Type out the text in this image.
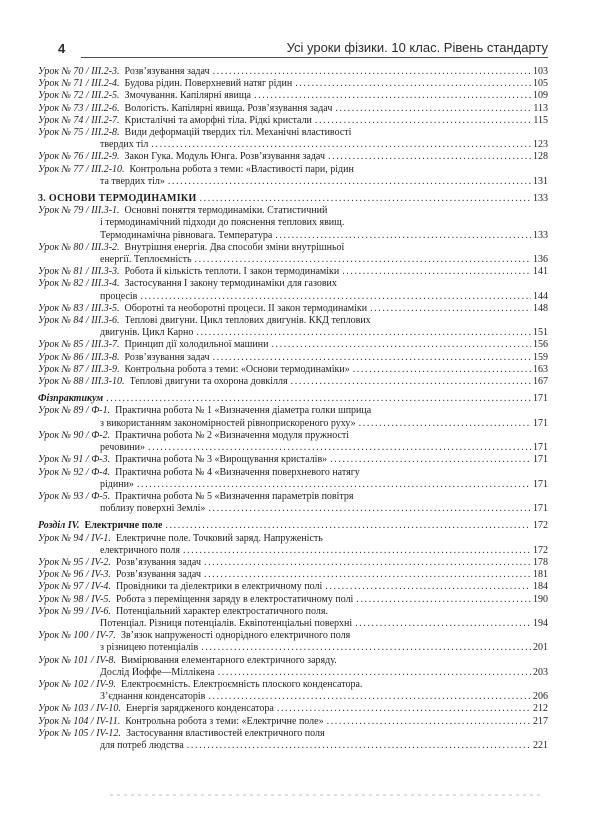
4	Усі уроки фізики. 10 клас. Рівень стандарту
Урок № 70 / ІІІ.2-3. Розв’язування задач .....	103
Урок № 71 / ІІІ.2-4. Будова рідин. Поверхневий натяг рідин .....	105
Урок № 72 / ІІІ.2-5. Змочування. Капілярні явища .....	109
Урок № 73 / ІІІ.2-6. Вологість. Капілярні явища. Розв’язування задач .....	113
Урок № 74 / ІІІ.2-7. Кристалічні та аморфні тіла. Рідкі кристали .....	115
Урок № 75 / ІІІ.2-8. Види деформацій твердих тіл. Механічні властивості
твердих тіл .....	123
Урок № 76 / ІІІ.2-9. Закон Гука. Модуль Юнга. Розв’язування задач .....	128
Урок № 77 / ІІІ.2-10. Контрольна робота з теми: «Властивості пари, рідин
та твердих тіл» .....	131
3. ОСНОВИ ТЕРМОДИНАМІКИ .....	133
Урок № 79 / ІІІ.3-1. Основні поняття термодинаміки. Статистичний
і термодинамічний підходи до пояснення теплових явищ.
Термодинамічна рівновага. Температура .....	133
Урок № 80 / ІІІ.3-2. Внутрішня енергія. Два способи зміни внутрішньої
енергії. Теплоємність .....	136
Урок № 81 / ІІІ.3-3. Робота й кількість теплоти. І закон термодинаміки .....	141
Урок № 82 / ІІІ.3-4. Застосування І закону термодинаміки для газових
процесів .....	144
Урок № 83 / ІІІ.3-5. Оборотні та необоротні процеси. ІІ закон термодинаміки .....	148
Урок № 84 / ІІІ.3-6. Теплові двигуни. Цикл теплових двигунів. ККД теплових
двигунів. Цикл Карно .....	151
Урок № 85 / ІІІ.3-7. Принцип дії холодильної машини .....	156
Урок № 86 / ІІІ.3-8. Розв’язування задач .....	159
Урок № 87 / ІІІ.3-9. Контрольна робота з теми: «Основи термодинаміки» .....	163
Урок № 88 / ІІІ.3-10. Теплові двигуни та охорона довкілля .....	167
Фізпрактикум .....	171
Урок № 89 / Ф-1. Практична робота № 1 «Визначення діаметра голки шприца
з використанням закономірностей рівноприскореного руху» .....	171
Урок № 90 / Ф-2. Практична робота № 2 «Визначення модуля пружності
речовини» .....	171
Урок № 91 / Ф-3. Практична робота № 3 «Вирощування кристалів» .....	171
Урок № 92 / Ф-4. Практична робота № 4 «Визначення поверхневого натягу
рідини» .....	171
Урок № 93 / Ф-5. Практична робота № 5 «Визначення параметрів повітря
поблизу поверхні Землі» .....	171
Розділ IV. Електричне поле .....	172
Урок № 94 / IV-1. Електричне поле. Точковий заряд. Напруженість
електричного поля .....	172
Урок № 95 / IV-2. Розв’язування задач .....	178
Урок № 96 / IV-3. Розв’язування задач .....	181
Урок № 97 / IV-4. Провідники та діелектрики в електричному полі .....	184
Урок № 98 / IV-5. Робота з переміщення заряду в електростатичному полі .....	190
Урок № 99 / IV-6. Потенціальний характер електростатичного поля.
Потенціал. Різниця потенціалів. Еквіпотенціальні поверхні .....	194
Урок № 100 / IV-7. Зв’язок напруженості однорідного електричного поля
з різницею потенціалів .....	201
Урок № 101 / IV-8. Вимірювання елементарного електричного заряду.
Дослід Йоффе—Міллікена .....	203
Урок № 102 / IV-9. Електроємність. Електроємність плоского конденсатора.
З’єднання конденсаторів .....	206
Урок № 103 / IV-10. Енергія зарядженого конденсатора .....	212
Урок № 104 / IV-11. Контрольна робота з теми: «Електричне поле» .....	217
Урок № 105 / IV-12. Застосування властивостей електричного поля
для потреб людства .....	221
